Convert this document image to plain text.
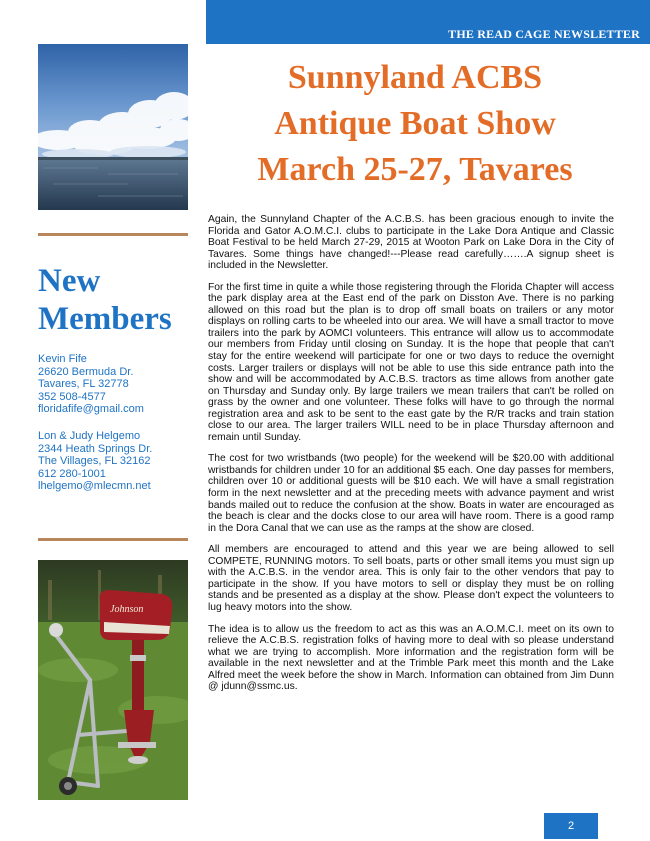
THE READ CAGE NEWSLETTER
New
Members
Kevin Fife
26620 Bermuda Dr.
Tavares, FL 32778
352 508-4577
floridafife@gmail.com
Lon & Judy Helgemo
2344 Heath Springs Dr.
The Villages, FL 32162
612 280-1001
lhelgemo@mlecmn.net
Johnson
Sunnyland ACBS
Antique Boat Show
March 25-27, Tavares

Again, the Sunnyland Chapter of the A.C.B.S. has been gracious enough to invite the Florida and Gator A.O.M.C.I. clubs to participate in the Lake Dora Antique and Classic Boat Festival to be held March 27-29, 2015 at Wooton Park on Lake Dora in the City of Tavares. Some things have changed!---Please read carefully…….A signup sheet is included in the Newsletter.

For the first time in quite a while those registering through the Florida Chapter will access the park display area at the East end of the park on Disston Ave. There is no parking allowed on this road but the plan is to drop off small boats on trailers or any motor displays on rolling carts to be wheeled into our area. We will have a small tractor to move trailers into the park by AOMCI volunteers. This entrance will allow us to accommodate our members from Friday until closing on Sunday. It is the hope that people that can't stay for the entire weekend will participate for one or two days to reduce the overnight costs. Larger trailers or displays will not be able to use this side entrance path into the show and will be accommodated by A.C.B.S. tractors as time allows from another gate on Thursday and Sunday only. By large trailers we mean trailers that can't be rolled on grass by the owner and one volunteer. These folks will have to go through the normal registration area and ask to be sent to the east gate by the R/R tracks and train station close to our area. The larger trailers WILL need to be in place Thursday afternoon and remain until Sunday.

The cost for two wristbands (two people) for the weekend will be $20.00 with additional wristbands for children under 10 for an additional $5 each. One day passes for members, children over 10 or additional guests will be $10 each. We will have a small registration form in the next newsletter and at the preceding meets with advance payment and wrist bands mailed out to reduce the confusion at the show. Boats in water are encouraged as the beach is clear and the docks close to our area will have room. There is a good ramp in the Dora Canal that we can use as the ramps at the show are closed.

All members are encouraged to attend and this year we are being allowed to sell COMPETE, RUNNING motors. To sell boats, parts or other small items you must sign up with the A.C.B.S. in the vendor area. This is only fair to the other vendors that pay to participate in the show. If you have motors to sell or display they must be on rolling stands and be presented as a display at the show. Please don't expect the volunteers to lug heavy motors into the show.

The idea is to allow us the freedom to act as this was an A.O.M.C.I. meet on its own to relieve the A.C.B.S. registration folks of having more to deal with so please understand what we are trying to accomplish. More information and the registration form will be available in the next newsletter and at the Trimble Park meet this month and the Lake Alfred meet the week before the show in March. Information can obtained from Jim Dunn @ jdunn@ssmc.us.

2
